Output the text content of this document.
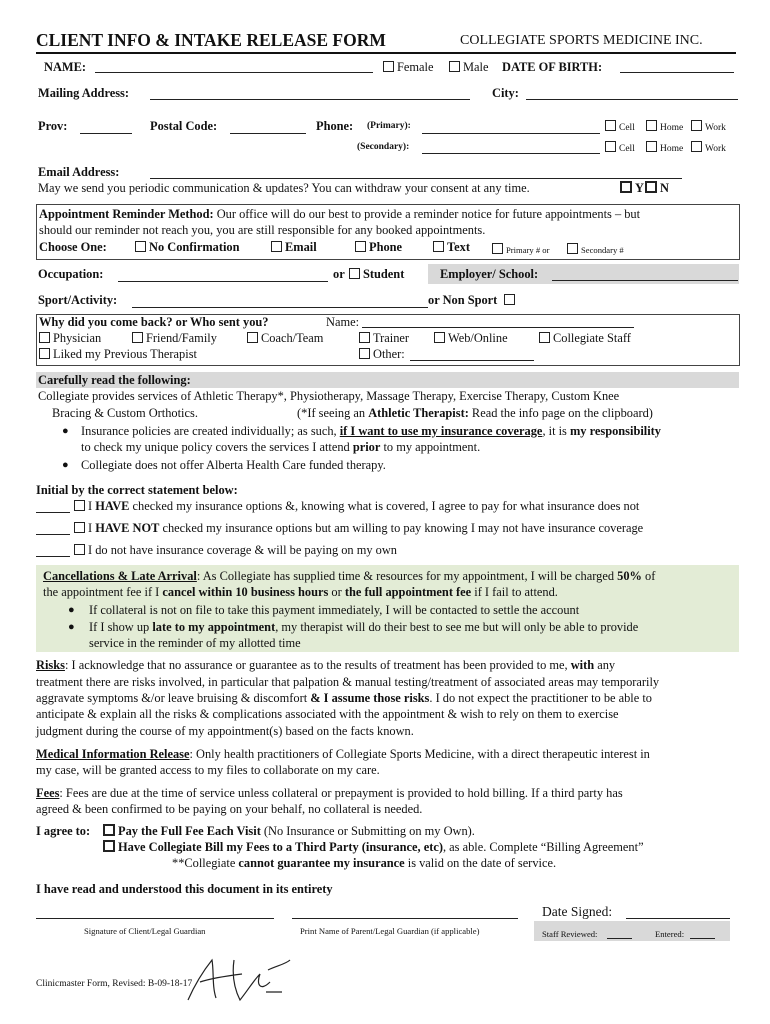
CLIENT INFO & INTAKE RELEASE FORM	COLLEGIATE SPORTS MEDICINE INC.
NAME:	Female	Male DATE OF BIRTH:
Mailing Address:	City:
Prov:	Postal Code:	Phone: (Primary):	Cell	Home	Work
(Secondary):	Cell	Home	Work
Email Address:
May we send you periodic communication & updates? You can withdraw your consent at any time.	Y	N
Appointment Reminder Method: Our office will do our best to provide a reminder notice for future appointments – but
should our reminder not reach you, you are still responsible for any booked appointments.
Choose One:	No Confirmation	Email	Phone	Text	Primary # or	Secondary #
Occupation:	or	Student	Employer/ School:
Sport/Activity:	or Non Sport
Why did you come back? or Who sent you?	Name:
Physician	Friend/Family	Coach/Team	Trainer	Web/Online	Collegiate Staff
Liked my Previous Therapist	Other:
Carefully read the following:
Collegiate provides services of Athletic Therapy*, Physiotherapy, Massage Therapy, Exercise Therapy, Custom Knee
Bracing & Custom Orthotics.	(*If seeing an Athletic Therapist: Read the info page on the clipboard)
● Insurance policies are created individually; as such, if I want to use my insurance coverage, it is my responsibility
to check my unique policy covers the services I attend prior to my appointment.
● Collegiate does not offer Alberta Health Care funded therapy.
Initial by the correct statement below:
I HAVE checked my insurance options &, knowing what is covered, I agree to pay for what insurance does not
I HAVE NOT checked my insurance options but am willing to pay knowing I may not have insurance coverage
I do not have insurance coverage & will be paying on my own
Cancellations & Late Arrival: As Collegiate has supplied time & resources for my appointment, I will be charged 50% of
the appointment fee if I cancel within 10 business hours or the full appointment fee if I fail to attend.
● If collateral is not on file to take this payment immediately, I will be contacted to settle the account
● If I show up late to my appointment, my therapist will do their best to see me but will only be able to provide
service in the reminder of my allotted time
Risks: I acknowledge that no assurance or guarantee as to the results of treatment has been provided to me, with any
treatment there are risks involved, in particular that palpation & manual testing/treatment of associated areas may temporarily
aggravate symptoms &/or leave bruising & discomfort & I assume those risks. I do not expect the practitioner to be able to
anticipate & explain all the risks & complications associated with the appointment & wish to rely on them to exercise
judgment during the course of my appointment(s) based on the facts known.
Medical Information Release: Only health practitioners of Collegiate Sports Medicine, with a direct therapeutic interest in
my case, will be granted access to my files to collaborate on my care.
Fees: Fees are due at the time of service unless collateral or prepayment is provided to hold billing. If a third party has
agreed & been confirmed to be paying on your behalf, no collateral is needed.
I agree to:	Pay the Full Fee Each Visit (No Insurance or Submitting on my Own).
Have Collegiate Bill my Fees to a Third Party (insurance, etc), as able. Complete “Billing Agreement”
**Collegiate cannot guarantee my insurance is valid on the date of service.
I have read and understood this document in its entirety
Signature of Client/Legal Guardian	Print Name of Parent/Legal Guardian (if applicable)
Date Signed:
Staff Reviewed:	Entered:
Clinicmaster Form, Revised: B-09-18-17
